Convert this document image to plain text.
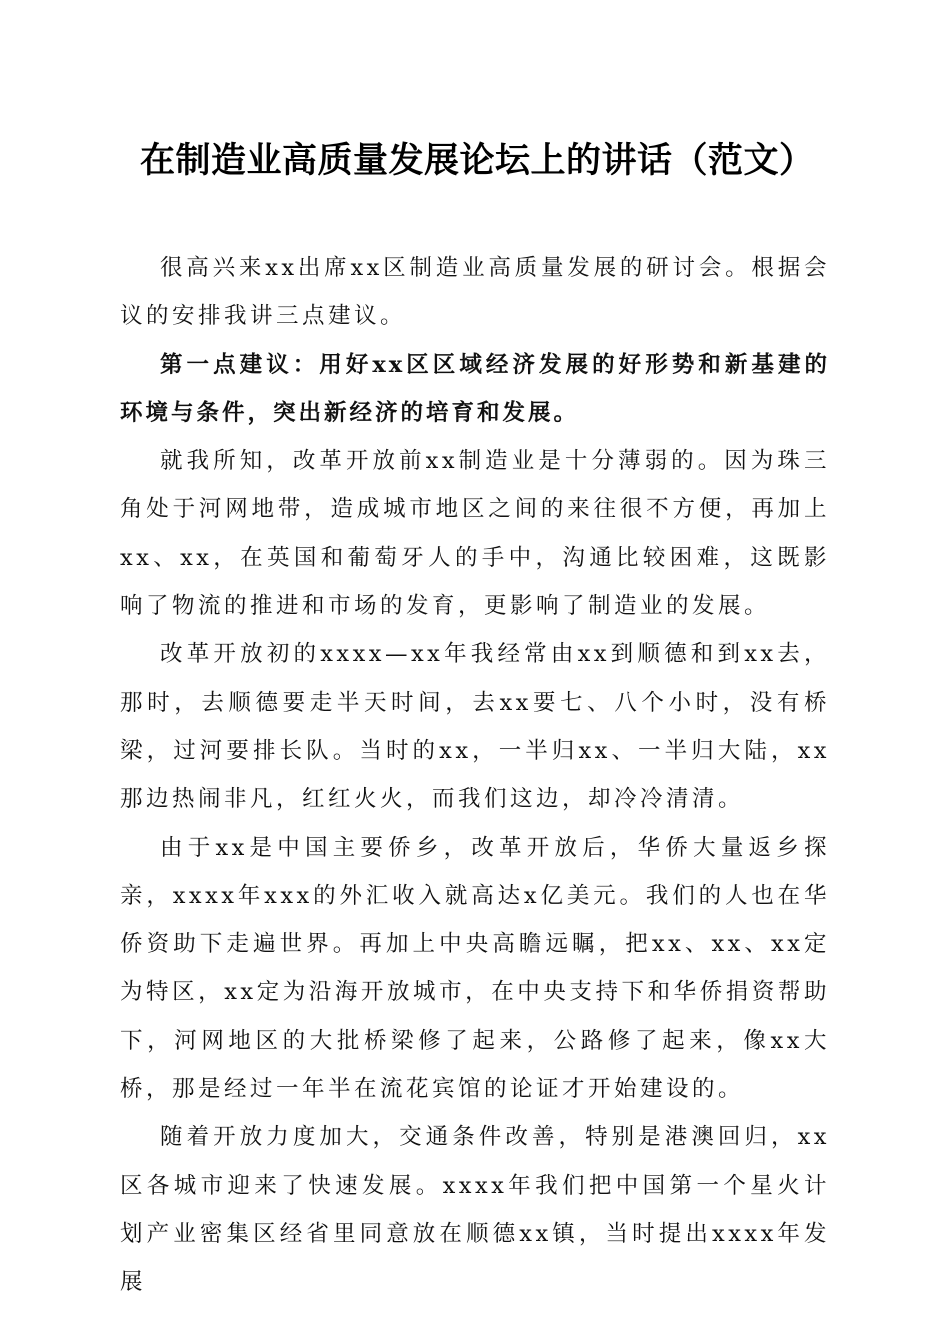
在制造业高质量发展论坛上的讲话（范文）

很高兴来xx出席xx区制造业高质量发展的研讨会。根据会议的安排我讲三点建议。

第一点建议：用好xx区区域经济发展的好形势和新基建的环境与条件，突出新经济的培育和发展。

就我所知，改革开放前xx制造业是十分薄弱的。因为珠三角处于河网地带，造成城市地区之间的来往很不方便，再加上xx、xx，在英国和葡萄牙人的手中，沟通比较困难，这既影响了物流的推进和市场的发育，更影响了制造业的发展。

改革开放初的xxxx—xx年我经常由xx到顺德和到xx去，那时，去顺德要走半天时间，去xx要七、八个小时，没有桥梁，过河要排长队。当时的xx，一半归xx、一半归大陆，xx那边热闹非凡，红红火火，而我们这边，却冷冷清清。

由于xx是中国主要侨乡，改革开放后，华侨大量返乡探亲，xxxx年xxx的外汇收入就高达x亿美元。我们的人也在华侨资助下走遍世界。再加上中央高瞻远瞩，把xx、xx、xx定为特区，xx定为沿海开放城市，在中央支持下和华侨捐资帮助下，河网地区的大批桥梁修了起来，公路修了起来，像xx大桥，那是经过一年半在流花宾馆的论证才开始建设的。

随着开放力度加大，交通条件改善，特别是港澳回归，xx区各城市迎来了快速发展。xxxx年我们把中国第一个星火计划产业密集区经省里同意放在顺德xx镇，当时提出xxxx年发展
